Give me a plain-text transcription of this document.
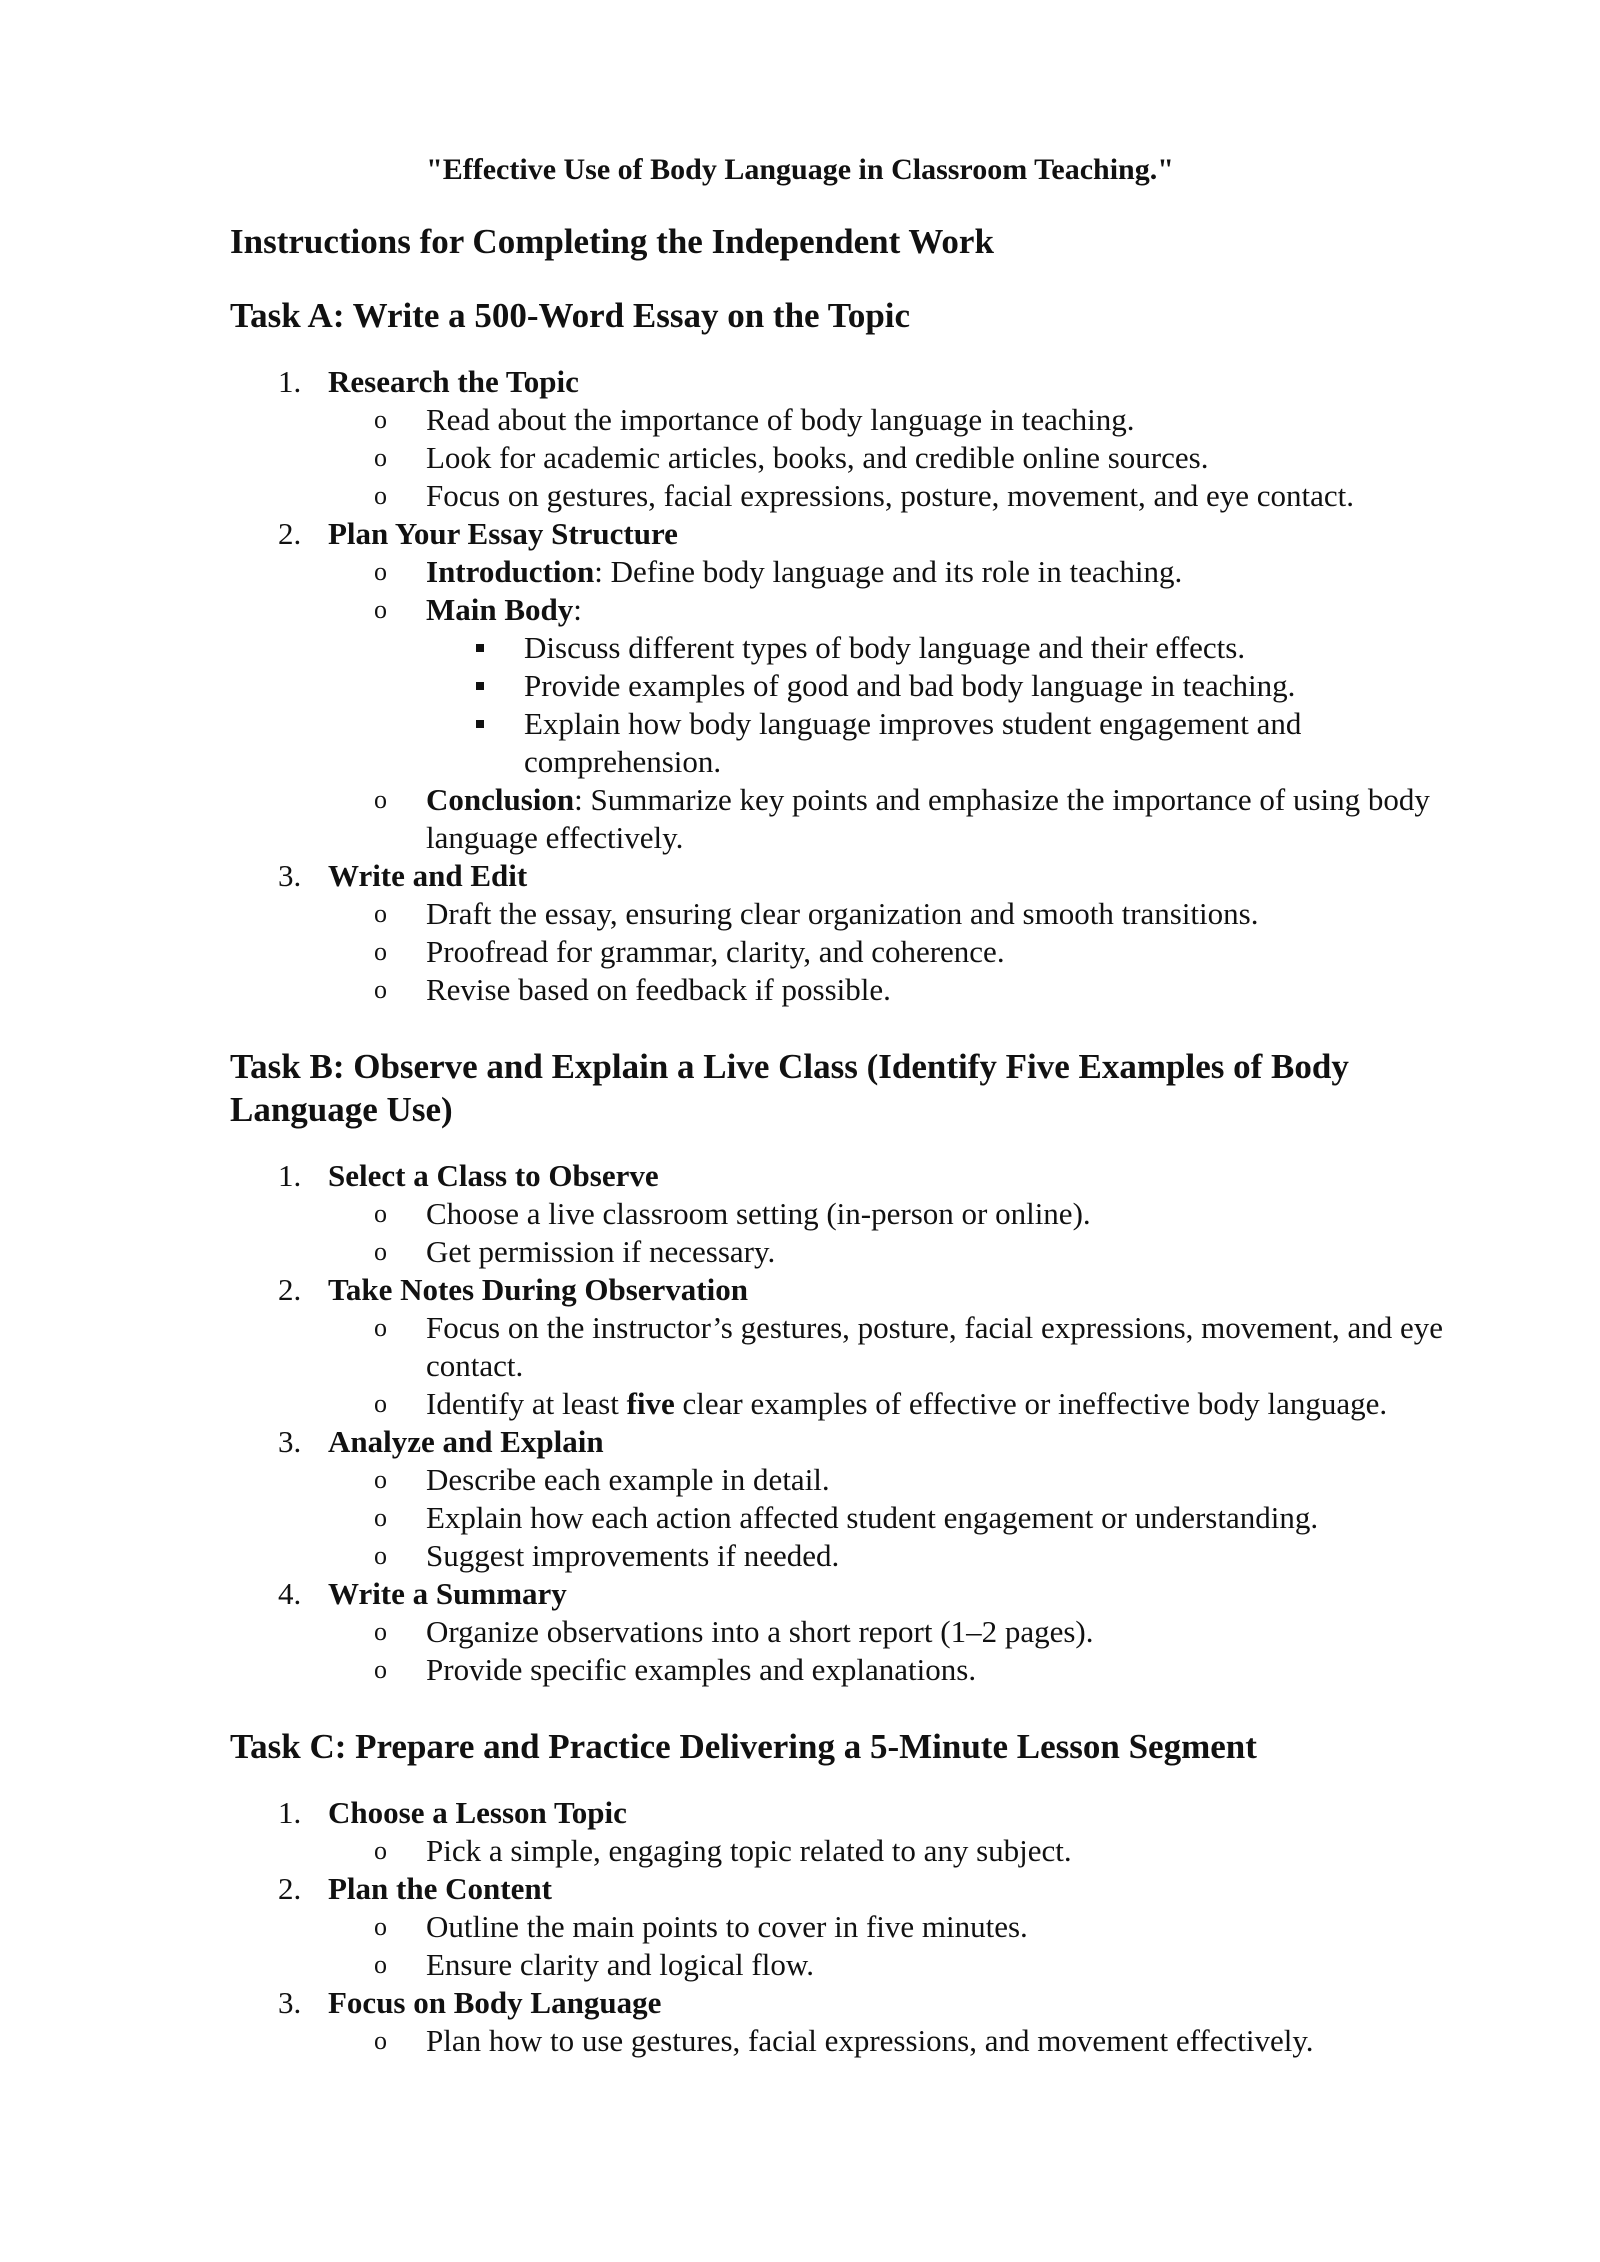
"Effective Use of Body Language in Classroom Teaching."
Instructions for Completing the Independent Work
Task A: Write a 500-Word Essay on the Topic
1. Research the Topic
o Read about the importance of body language in teaching.
o Look for academic articles, books, and credible online sources.
o Focus on gestures, facial expressions, posture, movement, and eye contact.
2. Plan Your Essay Structure
o Introduction: Define body language and its role in teaching.
o Main Body:
Discuss different types of body language and their effects.
Provide examples of good and bad body language in teaching.
Explain how body language improves student engagement and comprehension.
o Conclusion: Summarize key points and emphasize the importance of using body language effectively.
3. Write and Edit
o Draft the essay, ensuring clear organization and smooth transitions.
o Proofread for grammar, clarity, and coherence.
o Revise based on feedback if possible.
Task B: Observe and Explain a Live Class (Identify Five Examples of Body Language Use)
1. Select a Class to Observe
o Choose a live classroom setting (in-person or online).
o Get permission if necessary.
2. Take Notes During Observation
o Focus on the instructor’s gestures, posture, facial expressions, movement, and eye contact.
o Identify at least five clear examples of effective or ineffective body language.
3. Analyze and Explain
o Describe each example in detail.
o Explain how each action affected student engagement or understanding.
o Suggest improvements if needed.
4. Write a Summary
o Organize observations into a short report (1–2 pages).
o Provide specific examples and explanations.
Task C: Prepare and Practice Delivering a 5-Minute Lesson Segment
1. Choose a Lesson Topic
o Pick a simple, engaging topic related to any subject.
2. Plan the Content
o Outline the main points to cover in five minutes.
o Ensure clarity and logical flow.
3. Focus on Body Language
o Plan how to use gestures, facial expressions, and movement effectively.
